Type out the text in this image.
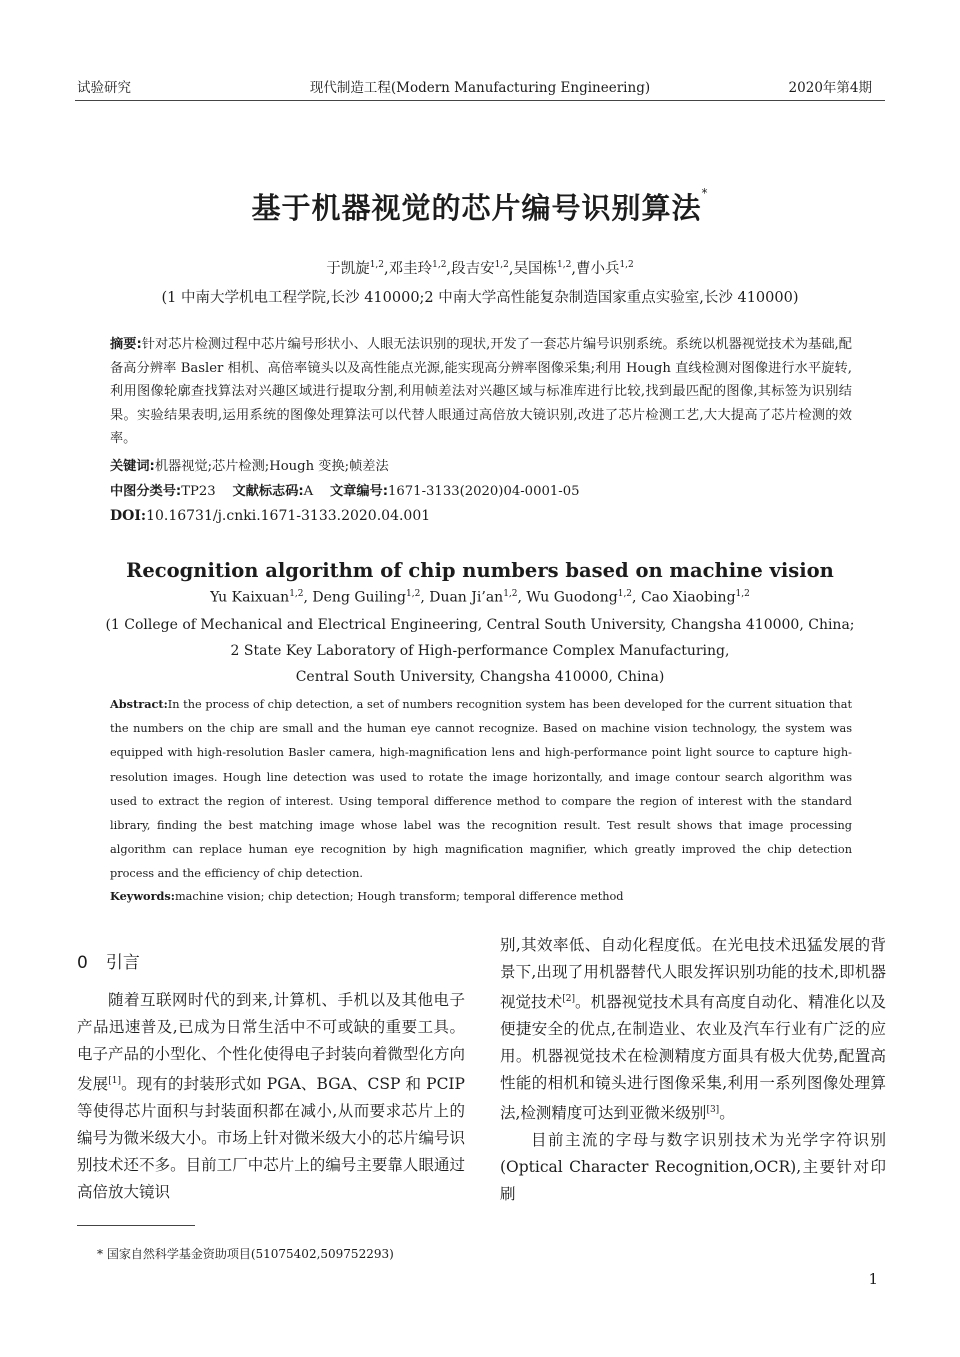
试验研究	现代制造工程(Modern Manufacturing Engineering)	2020年第4期
基于机器视觉的芯片编号识别算法*
于凯旋$^{1,2}$,邓圭玲$^{1,2}$,段吉安$^{1,2}$,吴国栋$^{1,2}$,曹小兵$^{1,2}$
(1 中南大学机电工程学院,长沙 410000;2 中南大学高性能复杂制造国家重点实验室,长沙 410000)
摘要:针对芯片检测过程中芯片编号形状小、人眼无法识别的现状,开发了一套芯片编号识别系统。系统以机器视觉技术为基础,配备高分辨率 Basler 相机、高倍率镜头以及高性能点光源,能实现高分辨率图像采集;利用 Hough 直线检测对图像进行水平旋转,利用图像轮廓查找算法对兴趣区域进行提取分割,利用帧差法对兴趣区域与标准库进行比较,找到最匹配的图像,其标签为识别结果。实验结果表明,运用系统的图像处理算法可以代替人眼通过高倍放大镜识别,改进了芯片检测工艺,大大提高了芯片检测的效率。
关键词:机器视觉;芯片检测;Hough 变换;帧差法
中图分类号:TP23 文献标志码:A 文章编号:1671-3133(2020)04-0001-05
DOI:10.16731/j.cnki.1671-3133.2020.04.001
Recognition algorithm of chip numbers based on machine vision
Yu Kaixuan$^{1,2}$, Deng Guiling$^{1,2}$, Duan Ji’an$^{1,2}$, Wu Guodong$^{1,2}$, Cao Xiaobing$^{1,2}$
(1 College of Mechanical and Electrical Engineering, Central South University, Changsha 410000, China;
2 State Key Laboratory of High-performance Complex Manufacturing,
Central South University, Changsha 410000, China)
Abstract:In the process of chip detection, a set of numbers recognition system has been developed for the current situation that the numbers on the chip are small and the human eye cannot recognize. Based on machine vision technology, the system was equipped with high-resolution Basler camera, high-magnification lens and high-performance point light source to capture high-resolution images. Hough line detection was used to rotate the image horizontally, and image contour search algorithm was used to extract the region of interest. Using temporal difference method to compare the region of interest with the standard library, finding the best matching image whose label was the recognition result. Test result shows that image processing algorithm can replace human eye recognition by high magnification magnifier, which greatly improved the chip detection process and the efficiency of chip detection.
Keywords:machine vision; chip detection; Hough transform; temporal difference method
0 引言

随着互联网时代的到来,计算机、手机以及其他电子产品迅速普及,已成为日常生活中不可或缺的重要工具。电子产品的小型化、个性化使得电子封装向着微型化方向发展[1]。现有的封装形式如 PGA、BGA、CSP 和 PCIP 等使得芯片面积与封装面积都在减小,从而要求芯片上的编号为微米级大小。市场上针对微米级大小的芯片编号识别技术还不多。目前工厂中芯片上的编号主要靠人眼通过高倍放大镜识

别,其效率低、自动化程度低。在光电技术迅猛发展的背景下,出现了用机器替代人眼发挥识别功能的技术,即机器视觉技术[2]。机器视觉技术具有高度自动化、精准化以及便捷安全的优点,在制造业、农业及汽车行业有广泛的应用。机器视觉技术在检测精度方面具有极大优势,配置高性能的相机和镜头进行图像采集,利用一系列图像处理算法,检测精度可达到亚微米级别[3]。

目前主流的字母与数字识别技术为光学字符识别(Optical Character Recognition,OCR),主要针对印刷

* 国家自然科学基金资助项目(51075402,509752293)
1
